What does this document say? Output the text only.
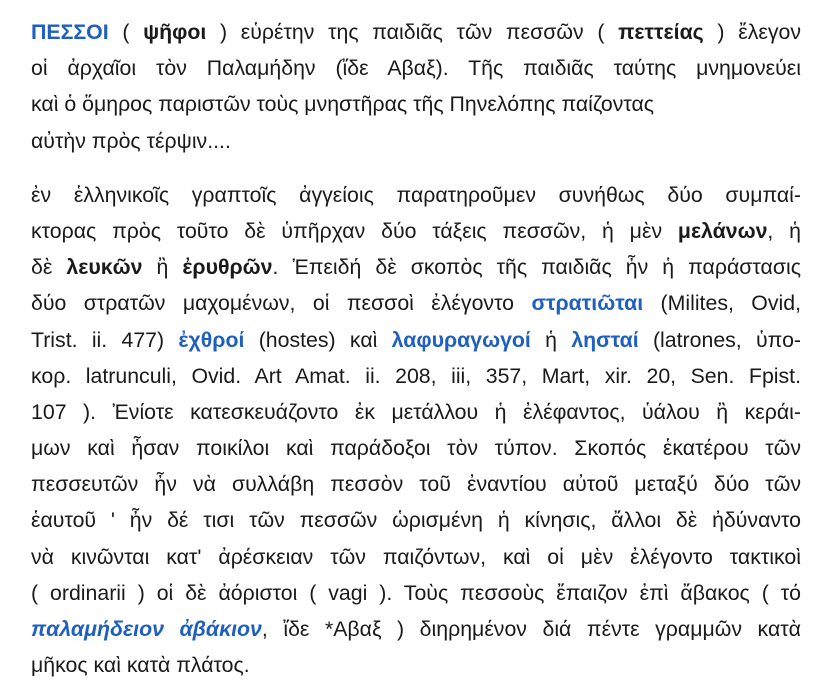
ΠΕΣΣΟΙ ( ψῆφοι ) εὑρέτην της παιδιᾶς τῶν πεσσῶν ( πεττείας ) ἔλεγον
οἱ ἀρχαῖοι τὸν Παλαμήδην (ἴδε Αβαξ). Τῆς παιδιᾶς ταύτης μνημονεύει
καὶ ὁ ὅμηρος παριστῶν τοὺς μνηστῆρας τῆς Πηνελόπης παίζοντας
αὐτὴν πρὸς τέρψιν....
ἐν ἑλληνικοῖς γραπτοῖς ἀγγείοις παρατηροῦμεν συνήθως δύο συμπαί-
κτορας πρὸς τοῦτο δὲ ὑπῆρχαν δύο τάξεις πεσσῶν, ἡ μὲν μελάνων, ἡ
δὲ λευκῶν ἢ ἐρυθρῶν. Ἐπειδή δὲ σκοπὸς τῆς παιδιᾶς ἦν ἡ παράστασις
δύο στρατῶν μαχομένων, οἱ πεσσοὶ ἐλέγοντο στρατιῶται (Milites, Ovid,
Trist. ii. 477) ἐχθροί (hostes) καὶ λαφυραγωγοί ἡ λησταί (latrones, ὑπο-
κορ. latrunculi, Ovid. Art Amat. ii. 208, iii, 357, Mart, xir. 20, Sen. Fpist.
107 ). Ἐνίοτε κατεσκευάζοντο ἐκ μετάλλου ἡ ἐλέφαντος, ὑάλου ἢ κεράι-
μων καὶ ἦσαν ποικίλοι καὶ παράδοξοι τὸν τύπον. Σκοπός ἑκατέρου τῶν
πεσσευτῶν ἦν νὰ συλλάβη πεσσὸν τοῦ ἐναντίου αὐτοῦ μεταξύ δύο τῶν
ἑαυτοῦ ' ἦν δέ τισι τῶν πεσσῶν ὡρισμένη ἡ κίνησις, ἄλλοι δὲ ἠδύναντο
νὰ κινῶνται κατ' ἀρέσκειαν τῶν παιζόντων, καὶ οἱ μὲν ἐλέγοντο τακτικοὶ
( ordinarii ) οἱ δὲ ἀόριστοι ( vagi ). Τοὺς πεσσοὺς ἔπαιζον ἐπὶ ἄβακος ( τό
παλαμήδειον ἀβάκιον, ἴδε *Αβαξ ) διηρημένον διά πέντε γραμμῶν κατὰ
μῆκος καὶ κατὰ πλάτος.
